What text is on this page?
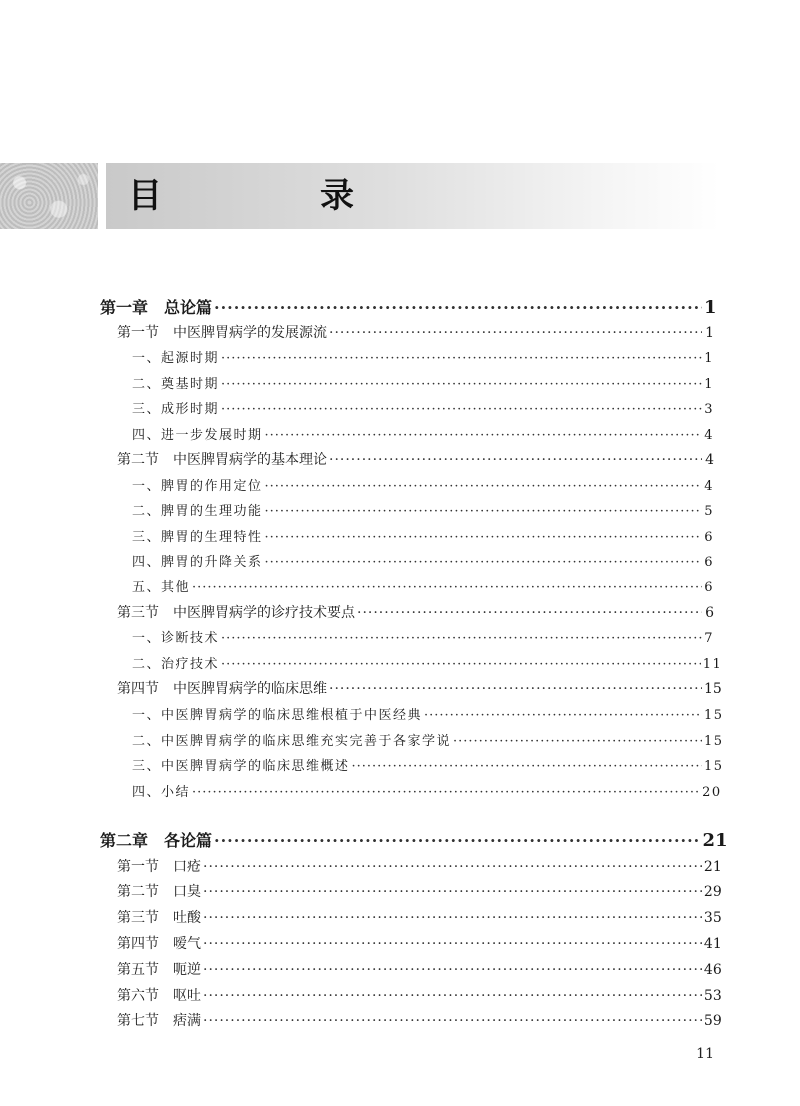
目　录
第一章　总论篇 ·····	1
第一节　中医脾胃病学的发展源流 ·····	1
一、起源时期 ·····	1
二、奠基时期 ·····	1
三、成形时期 ·····	3
四、进一步发展时期 ·····	4
第二节　中医脾胃病学的基本理论 ·····	4
一、脾胃的作用定位 ·····	4
二、脾胃的生理功能 ·····	5
三、脾胃的生理特性 ·····	6
四、脾胃的升降关系 ·····	6
五、其他 ·····	6
第三节　中医脾胃病学的诊疗技术要点 ·····	6
一、诊断技术 ·····	7
二、治疗技术 ·····	11
第四节　中医脾胃病学的临床思维 ·····	15
一、中医脾胃病学的临床思维根植于中医经典 ·····	15
二、中医脾胃病学的临床思维充实完善于各家学说 ·····	15
三、中医脾胃病学的临床思维概述 ·····	15
四、小结 ·····	20
第二章　各论篇 ·····	21
第一节　口疮 ·····	21
第二节　口臭 ·····	29
第三节　吐酸 ·····	35
第四节　嗳气 ·····	41
第五节　呃逆 ·····	46
第六节　呕吐 ·····	53
第七节　痞满 ·····	59
11
